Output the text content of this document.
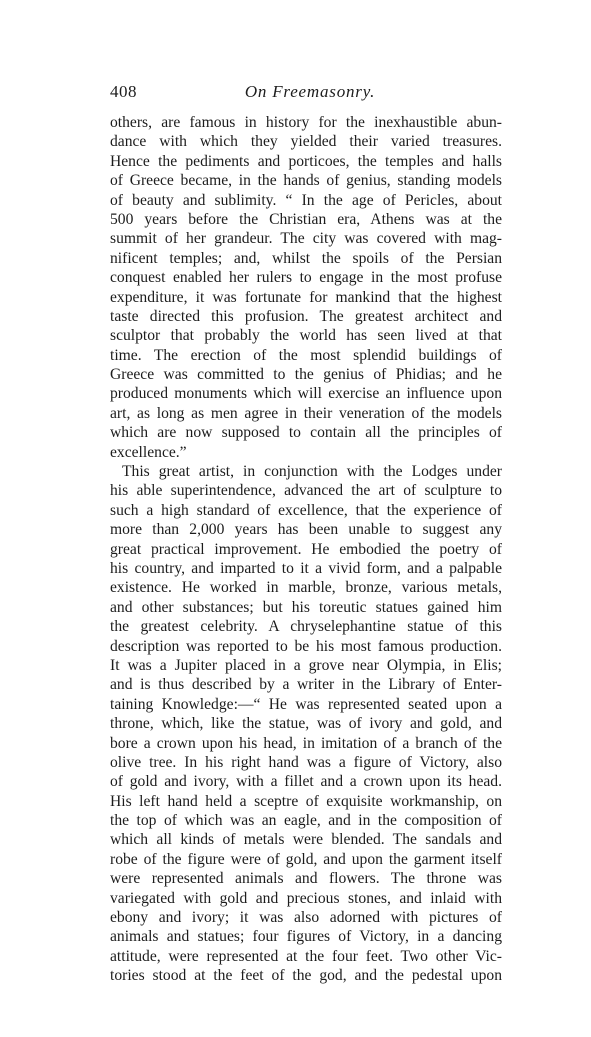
408	On Freemasonry.
others, are famous in history for the inexhaustible abun-
dance with which they yielded their varied treasures.
Hence the pediments and porticoes, the temples and halls
of Greece became, in the hands of genius, standing models
of beauty and sublimity. “ In the age of Pericles, about
500 years before the Christian era, Athens was at the
summit of her grandeur. The city was covered with mag-
nificent temples; and, whilst the spoils of the Persian
conquest enabled her rulers to engage in the most profuse
expenditure, it was fortunate for mankind that the highest
taste directed this profusion. The greatest architect and
sculptor that probably the world has seen lived at that
time. The erection of the most splendid buildings of
Greece was committed to the genius of Phidias; and he
produced monuments which will exercise an influence upon
art, as long as men agree in their veneration of the models
which are now supposed to contain all the principles of
excellence.”
This great artist, in conjunction with the Lodges under
his able superintendence, advanced the art of sculpture to
such a high standard of excellence, that the experience of
more than 2,000 years has been unable to suggest any
great practical improvement. He embodied the poetry of
his country, and imparted to it a vivid form, and a palpable
existence. He worked in marble, bronze, various metals,
and other substances; but his toreutic statues gained him
the greatest celebrity. A chryselephantine statue of this
description was reported to be his most famous production.
It was a Jupiter placed in a grove near Olympia, in Elis;
and is thus described by a writer in the Library of Enter-
taining Knowledge:—“ He was represented seated upon a
throne, which, like the statue, was of ivory and gold, and
bore a crown upon his head, in imitation of a branch of the
olive tree. In his right hand was a figure of Victory, also
of gold and ivory, with a fillet and a crown upon its head.
His left hand held a sceptre of exquisite workmanship, on
the top of which was an eagle, and in the composition of
which all kinds of metals were blended. The sandals and
robe of the figure were of gold, and upon the garment itself
were represented animals and flowers. The throne was
variegated with gold and precious stones, and inlaid with
ebony and ivory; it was also adorned with pictures of
animals and statues; four figures of Victory, in a dancing
attitude, were represented at the four feet. Two other Vic-
tories stood at the feet of the god, and the pedestal upon
